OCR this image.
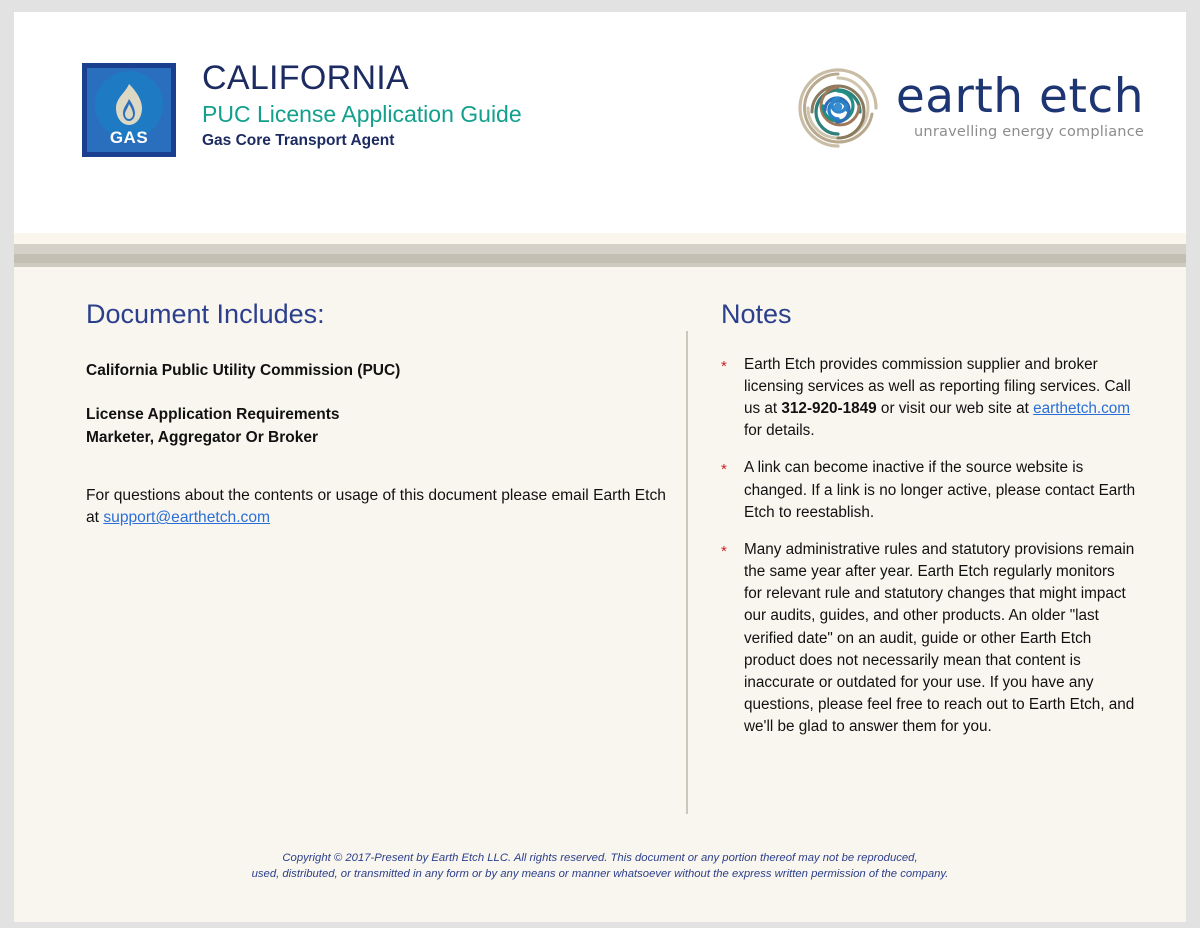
GAS
CALIFORNIA
PUC License Application Guide
Gas Core Transport Agent
earth etch
unravelling energy compliance
Document Includes:
California Public Utility Commission (PUC)
License Application Requirements
Marketer, Aggregator Or Broker
For questions about the contents or usage of this document please email Earth Etch at support@earthetch.com
Notes
*	Earth Etch provides commission supplier and broker licensing services as well as reporting filing services. Call us at 312-920-1849 or visit our web site at earthetch.com for details.
*	A link can become inactive if the source website is changed. If a link is no longer active, please contact Earth Etch to reestablish.
*	Many administrative rules and statutory provisions remain the same year after year. Earth Etch regularly monitors for relevant rule and statutory changes that might impact our audits, guides, and other products. An older "last verified date" on an audit, guide or other Earth Etch product does not necessarily mean that content is inaccurate or outdated for your use. If you have any questions, please feel free to reach out to Earth Etch, and we'll be glad to answer them for you.

Copyright © 2017-Present by Earth Etch LLC. All rights reserved. This document or any portion thereof may not be reproduced,

used, distributed, or transmitted in any form or by any means or manner whatsoever without the express written permission of the company.
